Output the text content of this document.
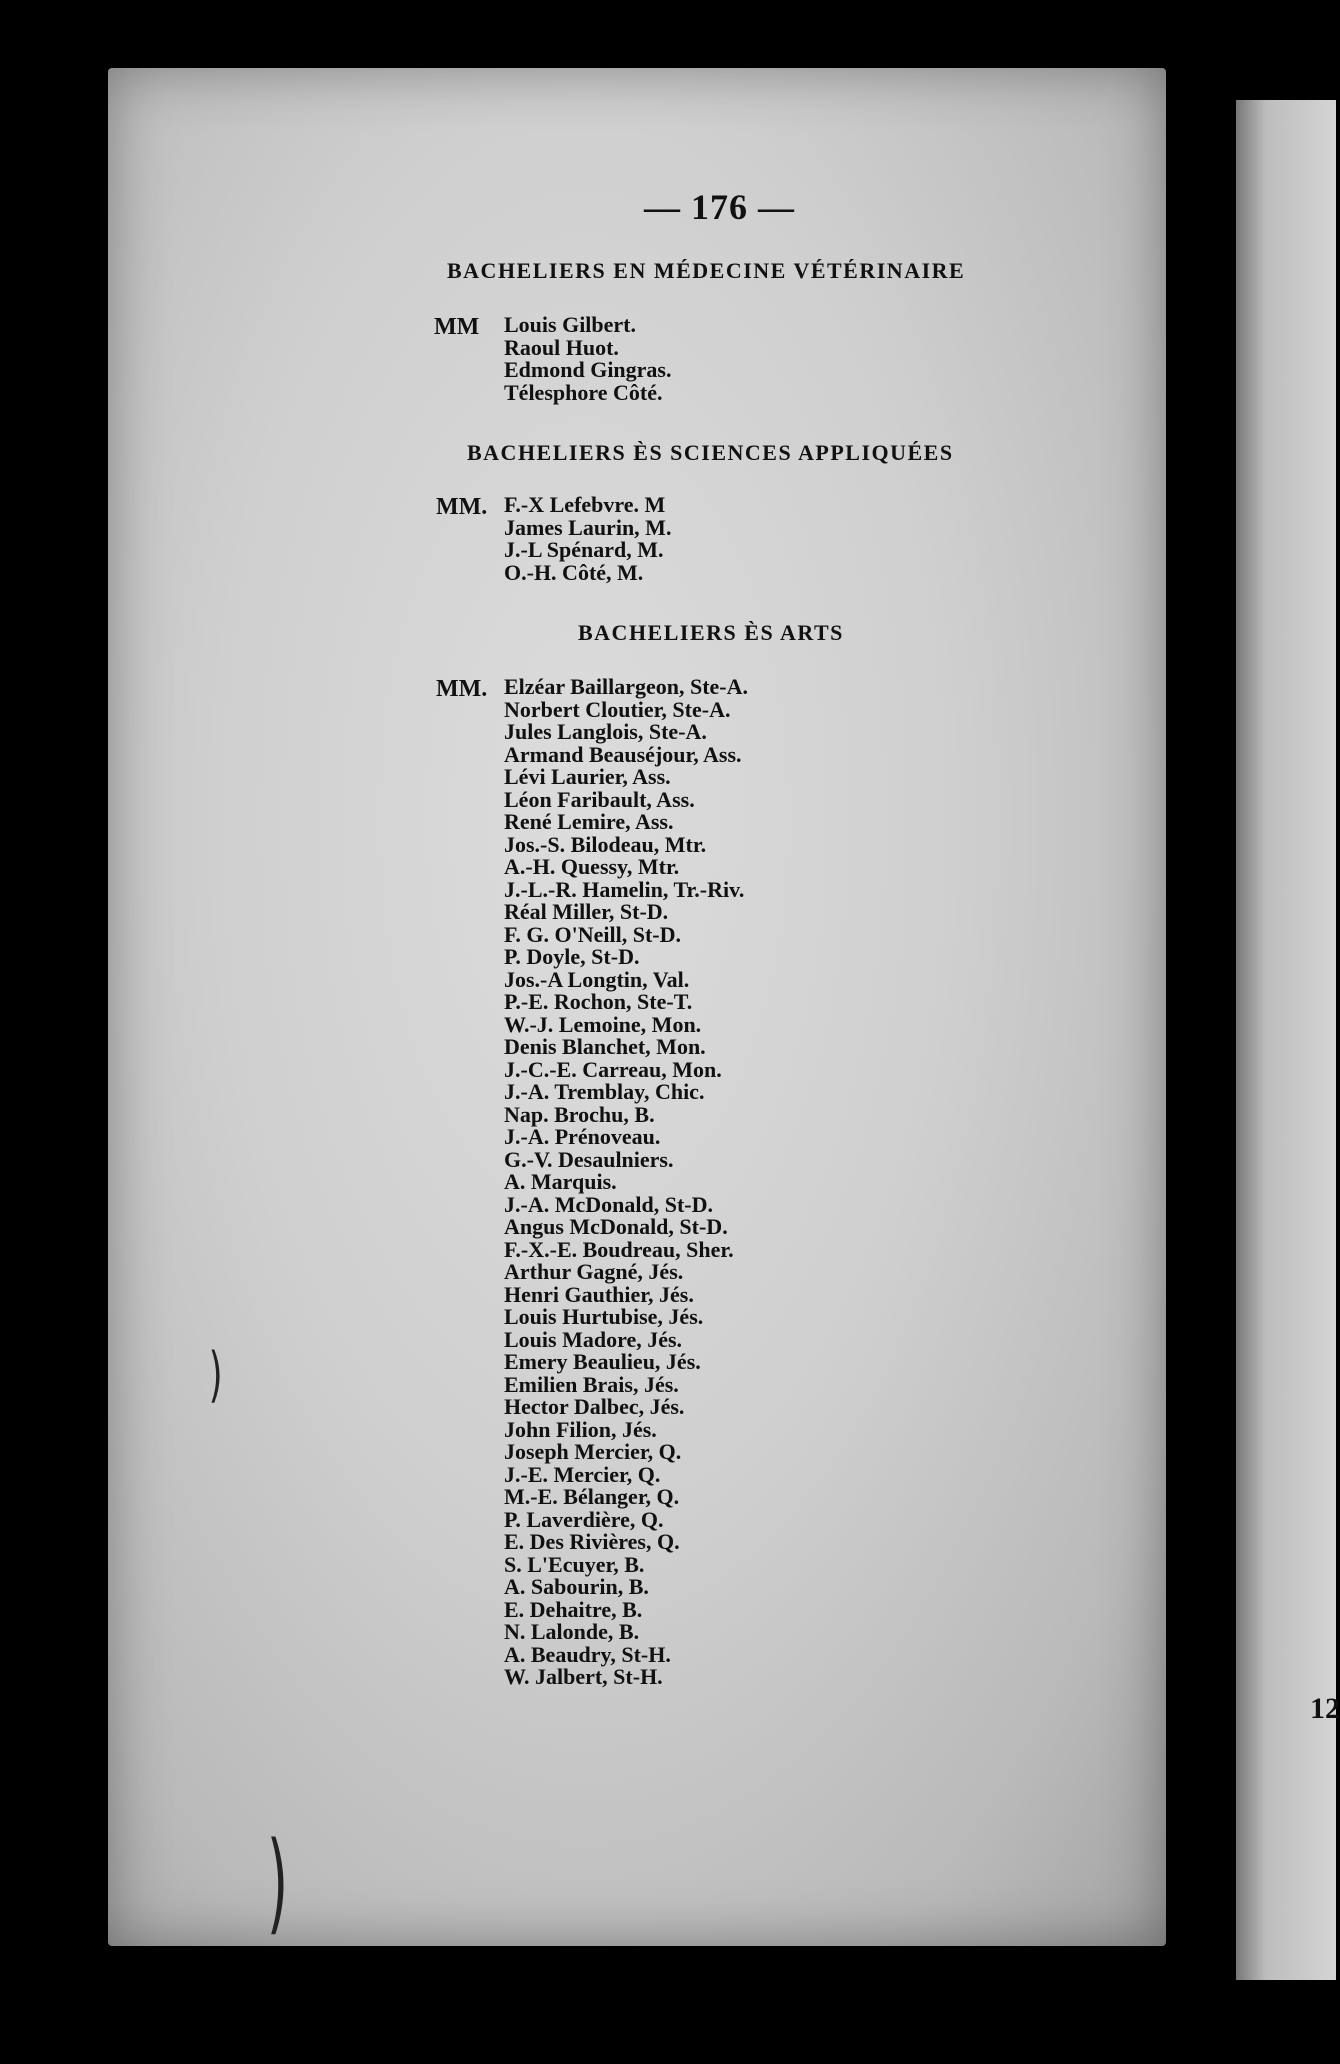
12
— 176 —
BACHELIERS EN MÉDECINE VÉTÉRINAIRE
MM Louis Gilbert.
Raoul Huot.
Edmond Gingras.
Télesphore Côté.
BACHELIERS ÈS SCIENCES APPLIQUÉES
MM. F.-X Lefebvre. M
James Laurin, M.
J.-L Spénard, M.
O.-H. Côté, M.
BACHELIERS ÈS ARTS
MM. Elzéar Baillargeon, Ste-A.
Norbert Cloutier, Ste-A.
Jules Langlois, Ste-A.
Armand Beauséjour, Ass.
Lévi Laurier, Ass.
Léon Faribault, Ass.
René Lemire, Ass.
Jos.-S. Bilodeau, Mtr.
A.-H. Quessy, Mtr.
J.-L.-R. Hamelin, Tr.-Riv.
Réal Miller, St-D.
F. G. O'Neill, St-D.
P. Doyle, St-D.
Jos.-A Longtin, Val.
P.-E. Rochon, Ste-T.
W.-J. Lemoine, Mon.
Denis Blanchet, Mon.
J.-C.-E. Carreau, Mon.
J.-A. Tremblay, Chic.
Nap. Brochu, B.
J.-A. Prénoveau.
G.-V. Desaulniers.
A. Marquis.
J.-A. McDonald, St-D.
Angus McDonald, St-D.
F.-X.-E. Boudreau, Sher.
Arthur Gagné, Jés.
Henri Gauthier, Jés.
Louis Hurtubise, Jés.
Louis Madore, Jés.
Emery Beaulieu, Jés.
Emilien Brais, Jés.
Hector Dalbec, Jés.
John Filion, Jés.
Joseph Mercier, Q.
J.-E. Mercier, Q.
M.-E. Bélanger, Q.
P. Laverdière, Q.
E. Des Rivières, Q.
S. L'Ecuyer, B.
A. Sabourin, B.
E. Dehaitre, B.
N. Lalonde, B.
A. Beaudry, St-H.
W. Jalbert, St-H.
)
)
